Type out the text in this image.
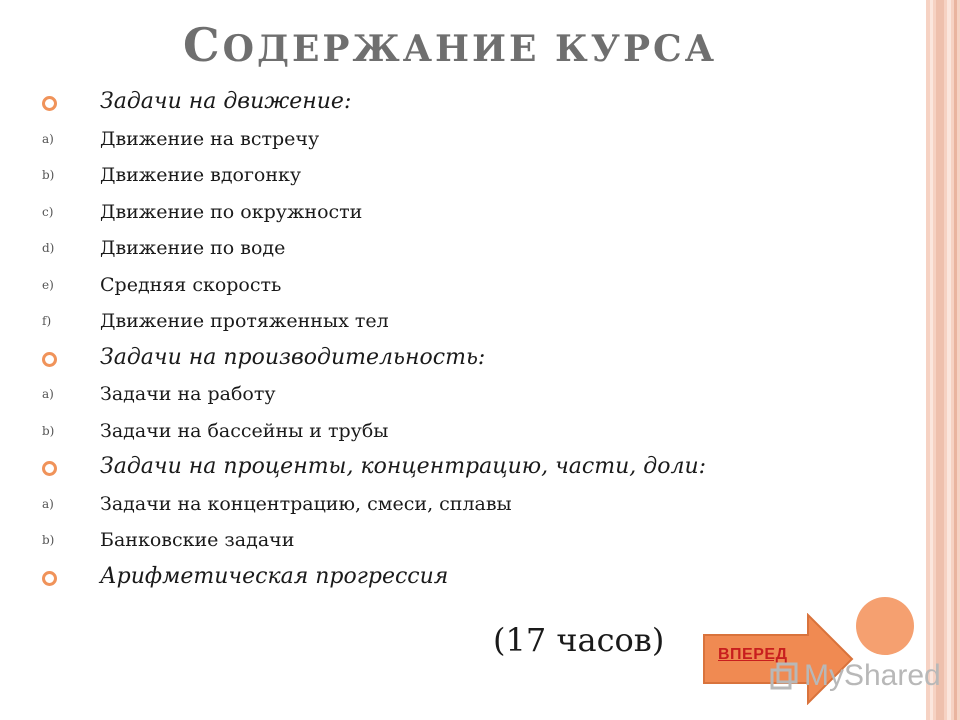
СОДЕРЖАНИЕ КУРСА
Задачи на движение:
a) Движение на встречу
b) Движение вдогонку
c) Движение по окружности
d) Движение по воде
e) Средняя скорость
f)	Движение протяженных тел
Задачи на производительность:
a) Задачи на работу
b) Задачи на бассейны и трубы
Задачи на проценты, концентрацию, части, доли:
a) Задачи на концентрацию, смеси, сплавы
b) Банковские задачи
Арифметическая прогрессия
(17 часов)	ВПЕРЕД
MyShared
